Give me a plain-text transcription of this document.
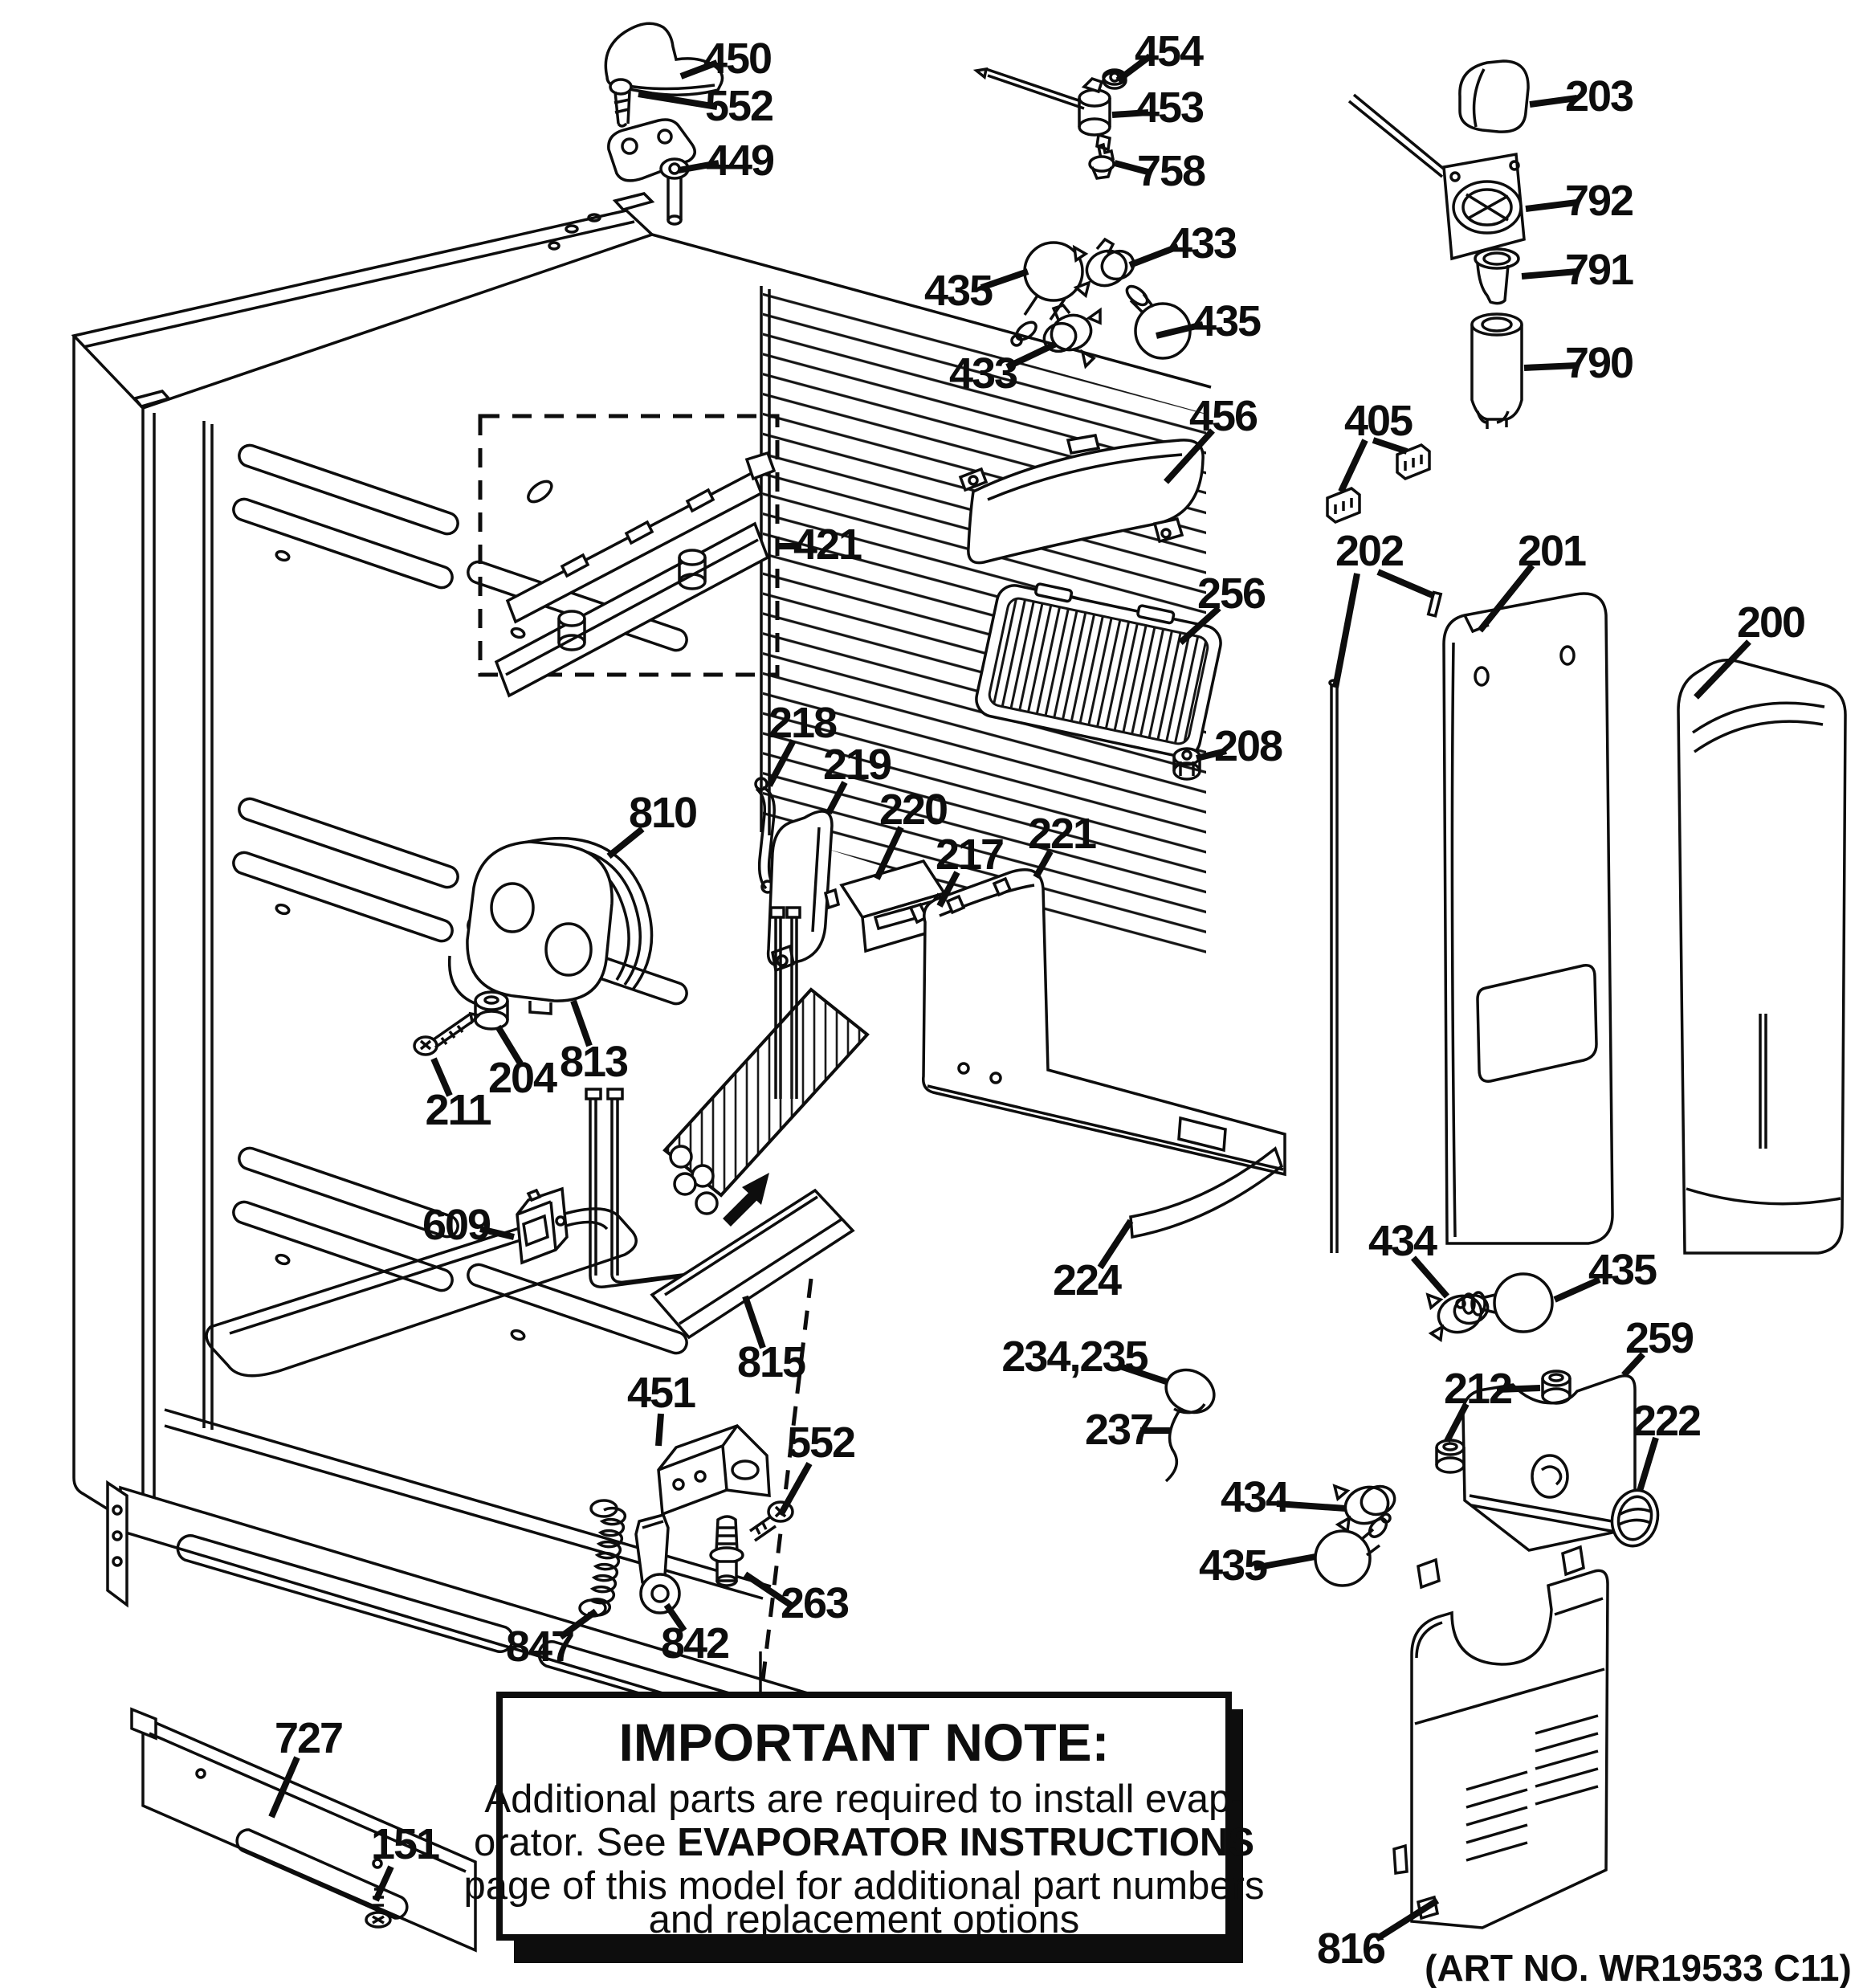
450
552
449
454
453
758
203
792
791
790
435
433
433
435
456 405
256
208
202	201
200
421
218
219
220
217 221
810
813
204
211
609
815
224
234,235
237
434
435
259
212
222
434
435
451
552
263
847 842
727
151
816
IMPORTANT NOTE:
Additional parts are required to install evap-
orator. See EVAPORATOR INSTRUCTIONS
page of this model for additional part numbers
and replacement options
(ART NO. WR19533 C11)
